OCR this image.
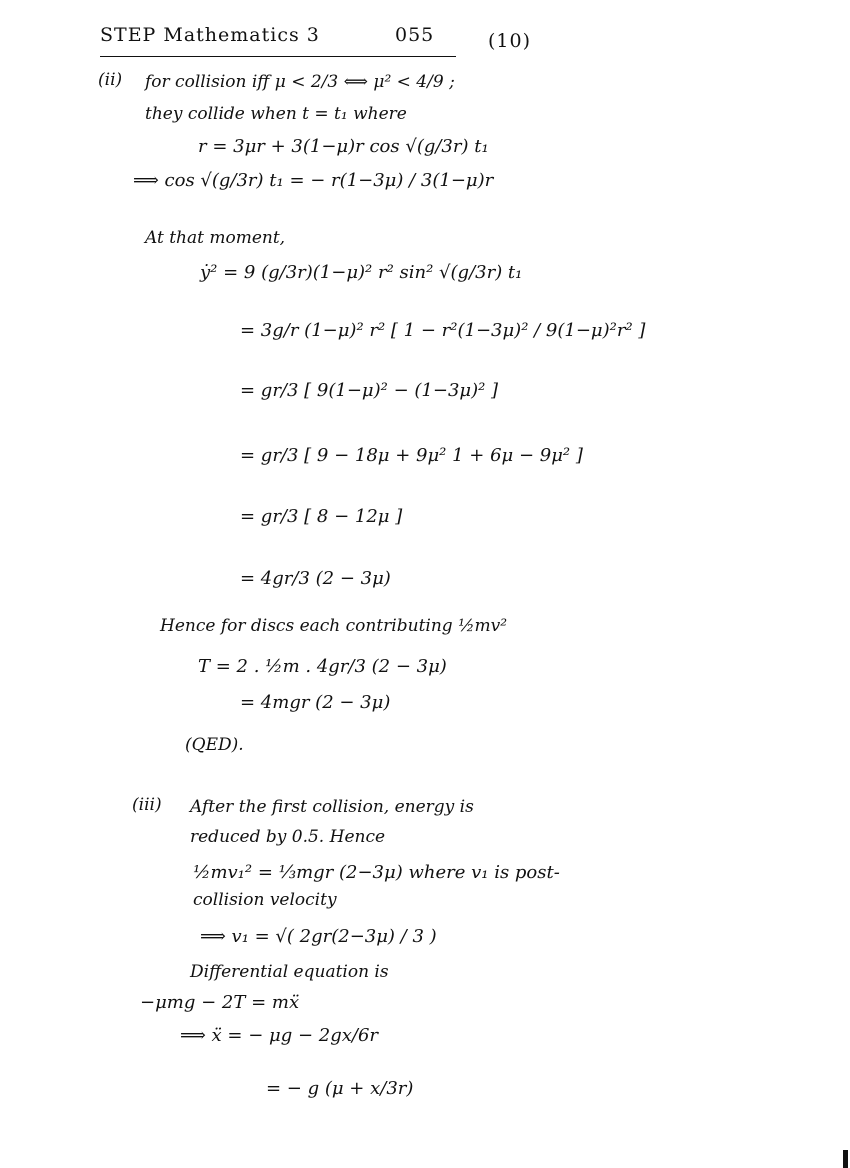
STEP Mathematics 3	055	(10)
(ii) for collision iff μ < 2/3 ⟺ μ² < 4/9 ;
they collide when t = t₁ where
r = 3μr + 3(1−μ)r cos √(g/3r) t₁
⟹ cos √(g/3r) t₁ = − r(1−3μ) / 3(1−μ)r
At that moment,
ẏ² = 9 (g/3r)(1−μ)² r² sin² √(g/3r) t₁
= 3g/r (1−μ)² r² [ 1 − r²(1−3μ)² / 9(1−μ)²r² ]
= gr/3 [ 9(1−μ)² − (1−3μ)² ]
= gr/3 [ 9 − 18μ + 9μ² 1 + 6μ − 9μ² ]
= gr/3 [ 8 − 12μ ]
= 4gr/3 (2 − 3μ)
Hence for discs each contributing ½mv²
T = 2 . ½m . 4gr/3 (2 − 3μ)
= 4mgr (2 − 3μ)
(QED).
(iii) After the first collision, energy is
reduced by 0.5. Hence
½mv₁² = ⅓mgr (2−3μ) where v₁ is post-
collision velocity
⟹ v₁ = √( 2gr(2−3μ) / 3 )
Differential equation is
−μmg − 2T = mẍ
⟹ ẍ = − μg − 2gx/6r
= − g (μ + x/3r)
